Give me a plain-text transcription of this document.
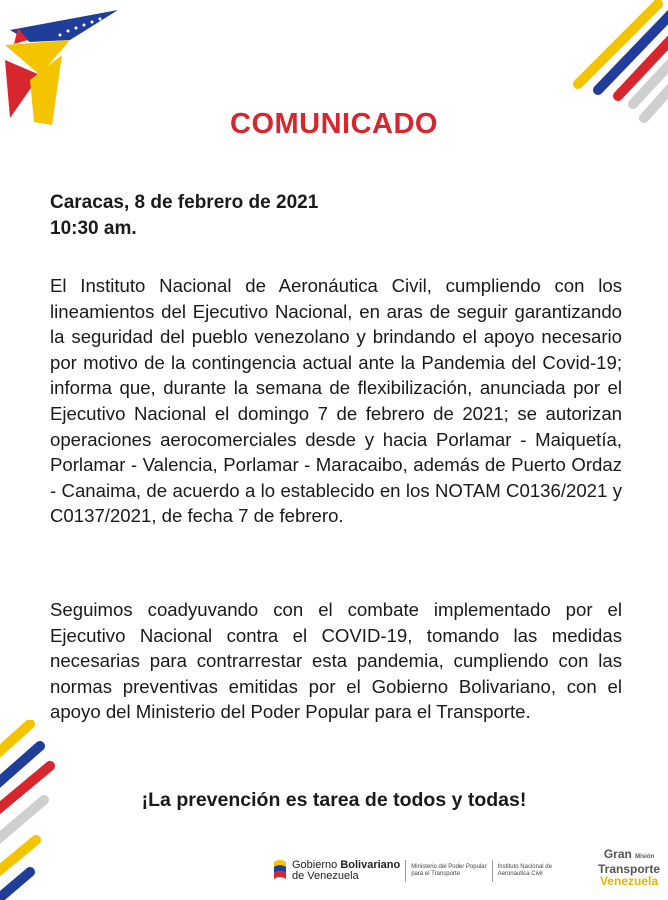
COMUNICADO
Caracas, 8 de febrero de 2021
10:30 am.
El Instituto Nacional de Aeronáutica Civil, cumpliendo con los lineamientos del Ejecutivo Nacional, en aras de seguir garantizando la seguridad del pueblo venezolano y brindando el apoyo necesario por motivo de la contingencia actual ante la Pandemia del Covid-19; informa que, durante la semana de flexibilización, anunciada por el Ejecutivo Nacional el domingo 7 de febrero de 2021; se autorizan operaciones aerocomerciales desde y hacia Porlamar - Maiquetía, Porlamar - Valencia, Porlamar - Maracaibo, además de Puerto Ordaz - Canaima, de acuerdo a lo establecido en los NOTAM C0136/2021 y C0137/2021, de fecha 7 de febrero.
Seguimos coadyuvando con el combate implementado por el Ejecutivo Nacional contra el COVID-19, tomando las medidas necesarias para contrarrestar esta pandemia, cumpliendo con las normas preventivas emitidas por el Gobierno Bolivariano, con el apoyo del Ministerio del Poder Popular para el Transporte.
¡La prevención es tarea de todos y todas!
Gobierno Bolivariano
de Venezuela
Ministerio del Poder Popular
para el Transporte
Instituto Nacional de
Aeronáutica Civil
Gran Misión
Transporte
Venezuela
